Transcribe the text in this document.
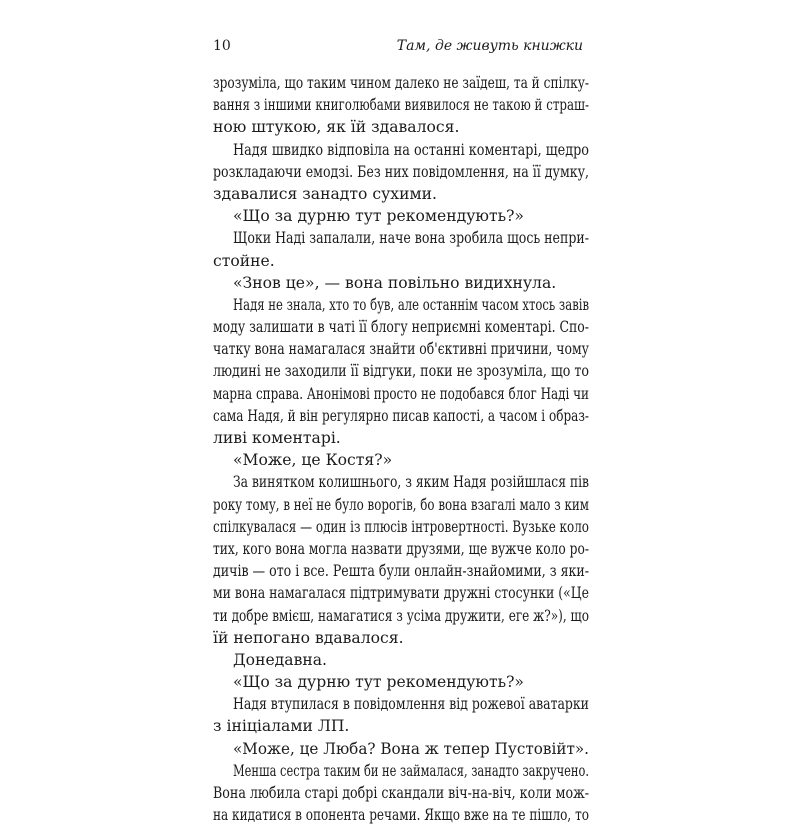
10	Там, де живуть книжки
зрозуміла, що таким чином далеко не заїдеш, та й спілку-
вання з іншими книголюбами виявилося не такою й страш-
ною штукою, як їй здавалося.
Надя швидко відповіла на останні коментарі, щедро
розкладаючи емодзі. Без них повідомлення, на її думку,
здавалися занадто сухими.
«Що за дурню тут рекомендують?»
Щоки Наді запалали, наче вона зробила щось непри-
стойне.
«Знов це», — вона повільно видихнула.
Надя не знала, хто то був, але останнім часом хтось завів
моду залишати в чаті її блогу неприємні коментарі. Спо-
чатку вона намагалася знайти об'єктивні причини, чому
людині не заходили її відгуки, поки не зрозуміла, що то
марна справа. Анонімові просто не подобався блог Наді чи
сама Надя, й він регулярно писав капості, а часом і образ-
ливі коментарі.
«Може, це Костя?»
За винятком колишнього, з яким Надя розійшлася пів
року тому, в неї не було ворогів, бо вона взагалі мало з ким
спілкувалася — один із плюсів інтровертності. Вузьке коло
тих, кого вона могла назвати друзями, ще вужче коло ро-
дичів — ото і все. Решта були онлайн-знайомими, з яки-
ми вона намагалася підтримувати дружні стосунки («Це
ти добре вмієш, намагатися з усіма дружити, еге ж?»), що
їй непогано вдавалося.
Донедавна.
«Що за дурню тут рекомендують?»
Надя втупилася в повідомлення від рожевої аватарки
з ініціалами ЛП.
«Може, це Люба? Вона ж тепер Пустовійт».
Менша сестра таким би не займалася, занадто закручено.
Вона любила старі добрі скандали віч-на-віч, коли мож-
на кидатися в опонента речами. Якщо вже на те пішло, то
